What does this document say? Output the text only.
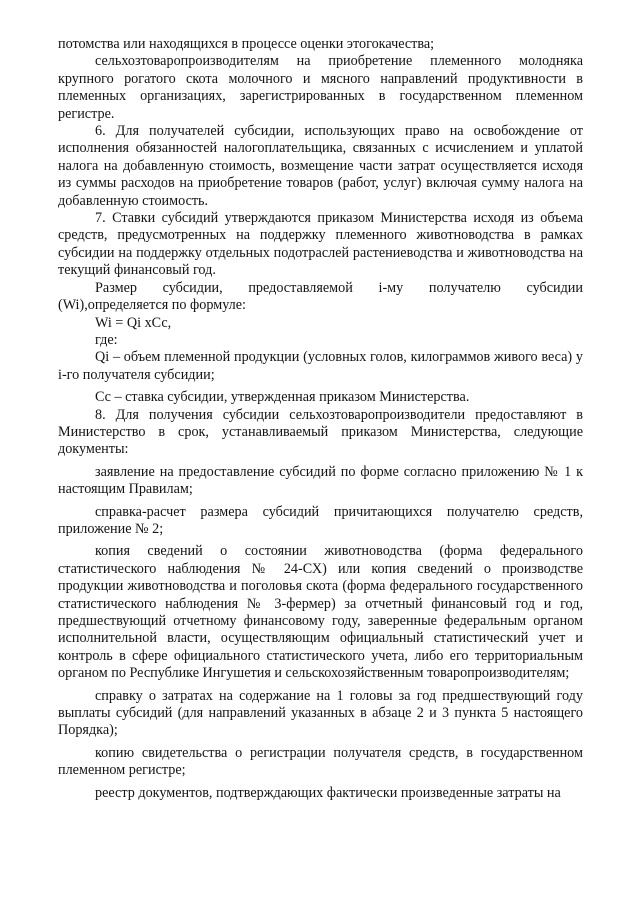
потомства или находящихся в процессе оценки этогокачества;

сельхозтоваропроизводителям на приобретение племенного молодняка крупного рогатого скота молочного и мясного направлений продуктивности в племенных организациях, зарегистрированных в государственном племенном регистре.

6. Для получателей субсидии, использующих право на освобождение от исполнения обязанностей налогоплательщика, связанных с исчислением и уплатой налога на добавленную стоимость, возмещение части затрат осуществляется исходя из суммы расходов на приобретение товаров (работ, услуг) включая сумму налога на добавленную стоимость.

7. Ставки субсидий утверждаются приказом Министерства исходя из объема средств, предусмотренных на поддержку племенного животноводства в рамках субсидии на поддержку отдельных подотраслей растениеводства и животноводства на текущий финансовый год.

Размер субсидии, предоставляемой i-му получателю субсидии (Wi),определяется по формуле:

Wi = Qi хСс,

где:

Qi – объем племенной продукции (условных голов, килограммов живого веса) у i-го получателя субсидии;

Сс – ставка субсидии, утвержденная приказом Министерства.

8. Для получения субсидии сельхозтоваропроизводители предоставляют в Министерство в срок, устанавливаемый приказом Министерства, следующие документы:

заявление на предоставление субсидий по форме согласно приложению № 1 к настоящим Правилам;

справка-расчет размера субсидий причитающихся получателю средств, приложение № 2;

копия сведений о состоянии животноводства (форма федерального статистического наблюдения № 24-СХ) или копия сведений о производстве продукции животноводства и поголовья скота (форма федерального государственного статистического наблюдения № 3-фермер) за отчетный финансовый год и год, предшествующий отчетному финансовому году, заверенные федеральным органом исполнительной власти, осуществляющим официальный статистический учет и контроль в сфере официального статистического учета, либо его территориальным органом по Республике Ингушетия и сельскохозяйственным товаропроизводителям;

справку о затратах на содержание на 1 головы за год предшествующий году выплаты субсидий (для направлений указанных в абзаце 2 и 3 пункта 5 настоящего Порядка);

копию свидетельства о регистрации получателя средств, в государственном племенном регистре;

реестр документов, подтверждающих фактически произведенные затраты на
